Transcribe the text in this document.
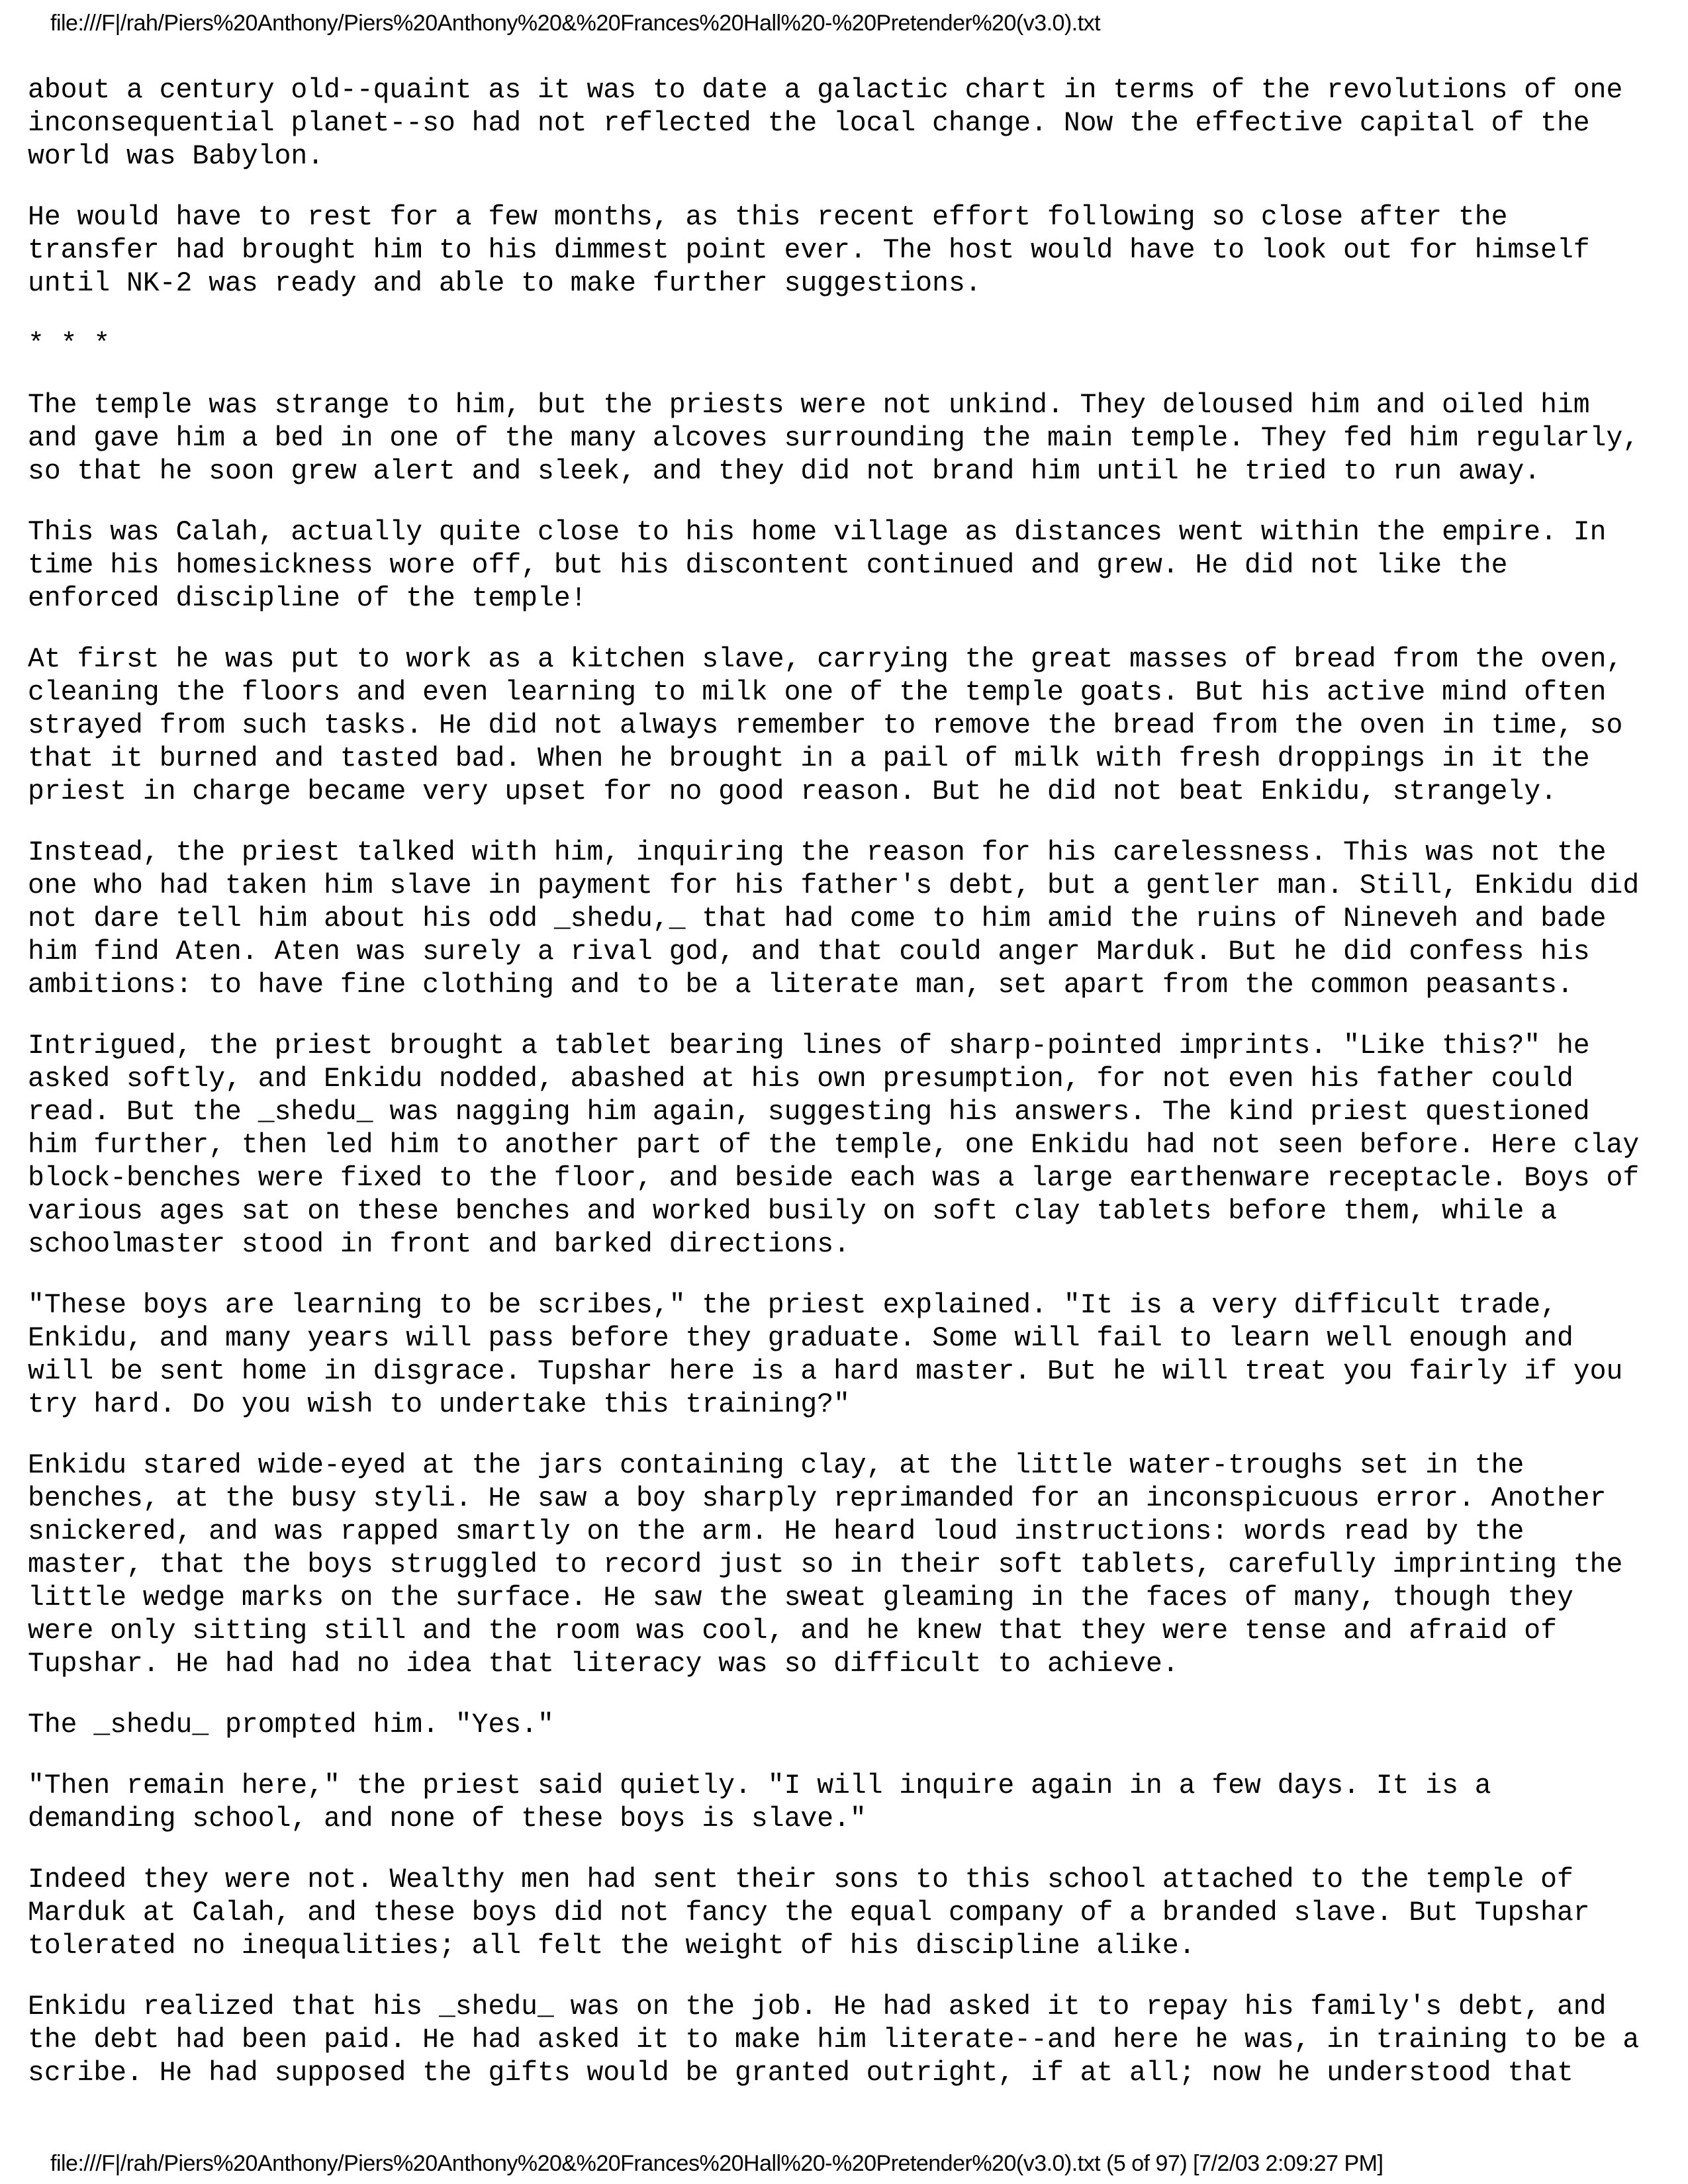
file:///F|/rah/Piers%20Anthony/Piers%20Anthony%20&%20Frances%20Hall%20-%20Pretender%20(v3.0).txt

about a century old--quaint as it was to date a galactic chart in terms of the revolutions of one
inconsequential planet--so had not reflected the local change. Now the effective capital of the
world was Babylon.

He would have to rest for a few months, as this recent effort following so close after the
transfer had brought him to his dimmest point ever. The host would have to look out for himself
until NK-2 was ready and able to make further suggestions.

* * *

The temple was strange to him, but the priests were not unkind. They deloused him and oiled him
and gave him a bed in one of the many alcoves surrounding the main temple. They fed him regularly,
so that he soon grew alert and sleek, and they did not brand him until he tried to run away.

This was Calah, actually quite close to his home village as distances went within the empire. In
time his homesickness wore off, but his discontent continued and grew. He did not like the
enforced discipline of the temple!

At first he was put to work as a kitchen slave, carrying the great masses of bread from the oven,
cleaning the floors and even learning to milk one of the temple goats. But his active mind often
strayed from such tasks. He did not always remember to remove the bread from the oven in time, so
that it burned and tasted bad. When he brought in a pail of milk with fresh droppings in it the
priest in charge became very upset for no good reason. But he did not beat Enkidu, strangely.

Instead, the priest talked with him, inquiring the reason for his carelessness. This was not the
one who had taken him slave in payment for his father's debt, but a gentler man. Still, Enkidu did
not dare tell him about his odd _shedu,_ that had come to him amid the ruins of Nineveh and bade
him find Aten. Aten was surely a rival god, and that could anger Marduk. But he did confess his
ambitions: to have fine clothing and to be a literate man, set apart from the common peasants.

Intrigued, the priest brought a tablet bearing lines of sharp-pointed imprints. "Like this?" he
asked softly, and Enkidu nodded, abashed at his own presumption, for not even his father could
read. But the _shedu_ was nagging him again, suggesting his answers. The kind priest questioned
him further, then led him to another part of the temple, one Enkidu had not seen before. Here clay
block-benches were fixed to the floor, and beside each was a large earthenware receptacle. Boys of
various ages sat on these benches and worked busily on soft clay tablets before them, while a
schoolmaster stood in front and barked directions.

"These boys are learning to be scribes," the priest explained. "It is a very difficult trade,
Enkidu, and many years will pass before they graduate. Some will fail to learn well enough and
will be sent home in disgrace. Tupshar here is a hard master. But he will treat you fairly if you
try hard. Do you wish to undertake this training?"

Enkidu stared wide-eyed at the jars containing clay, at the little water-troughs set in the
benches, at the busy styli. He saw a boy sharply reprimanded for an inconspicuous error. Another
snickered, and was rapped smartly on the arm. He heard loud instructions: words read by the
master, that the boys struggled to record just so in their soft tablets, carefully imprinting the
little wedge marks on the surface. He saw the sweat gleaming in the faces of many, though they
were only sitting still and the room was cool, and he knew that they were tense and afraid of
Tupshar. He had had no idea that literacy was so difficult to achieve.

The _shedu_ prompted him. "Yes."

"Then remain here," the priest said quietly. "I will inquire again in a few days. It is a
demanding school, and none of these boys is slave."

Indeed they were not. Wealthy men had sent their sons to this school attached to the temple of
Marduk at Calah, and these boys did not fancy the equal company of a branded slave. But Tupshar
tolerated no inequalities; all felt the weight of his discipline alike.

Enkidu realized that his _shedu_ was on the job. He had asked it to repay his family's debt, and
the debt had been paid. He had asked it to make him literate--and here he was, in training to be a
scribe. He had supposed the gifts would be granted outright, if at all; now he understood that

file:///F|/rah/Piers%20Anthony/Piers%20Anthony%20&%20Frances%20Hall%20-%20Pretender%20(v3.0).txt (5 of 97) [7/2/03 2:09:27 PM]
